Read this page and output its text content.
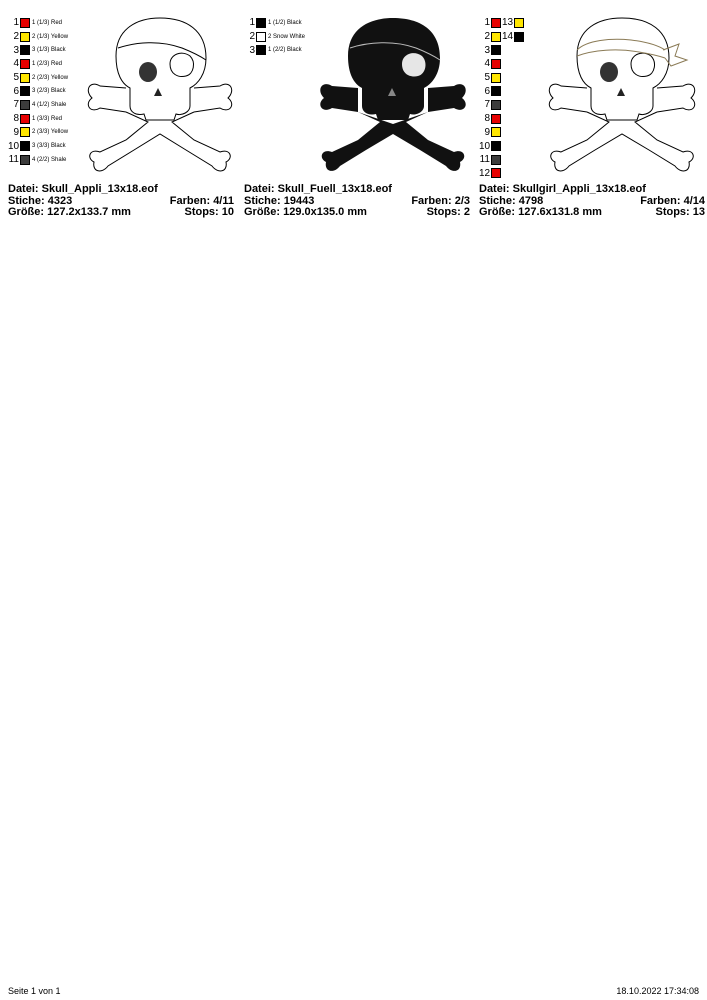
1 1 (1/3) Red
2 2 (1/3) Yellow
3 3 (1/3) Black
4 1 (2/3) Red
5 2 (2/3) Yellow
6 3 (2/3) Black
7 4 (1/2) Shale
8 1 (3/3) Red
9 2 (3/3) Yellow
10 3 (3/3) Black
11 4 (2/2) Shale
Datei: Skull_Appli_13x18.eof
Stiche: 4323	Farben: 4/11
Größe: 127.2x133.7 mm	Stops: 10
1 1 (1/2) Black
2 2 Snow White
3 1 (2/2) Black
Datei: Skull_Fuell_13x18.eof
Stiche: 19443	Farben: 2/3
Größe: 129.0x135.0 mm	Stops: 2
1 13
2 14
3
4
5
6
7
8
9
10
11
12
Datei: Skullgirl_Appli_13x18.eof
Stiche: 4798	Farben: 4/14
Größe: 127.6x131.8 mm	Stops: 13
Seite 1 von 1	18.10.2022 17:34:08
